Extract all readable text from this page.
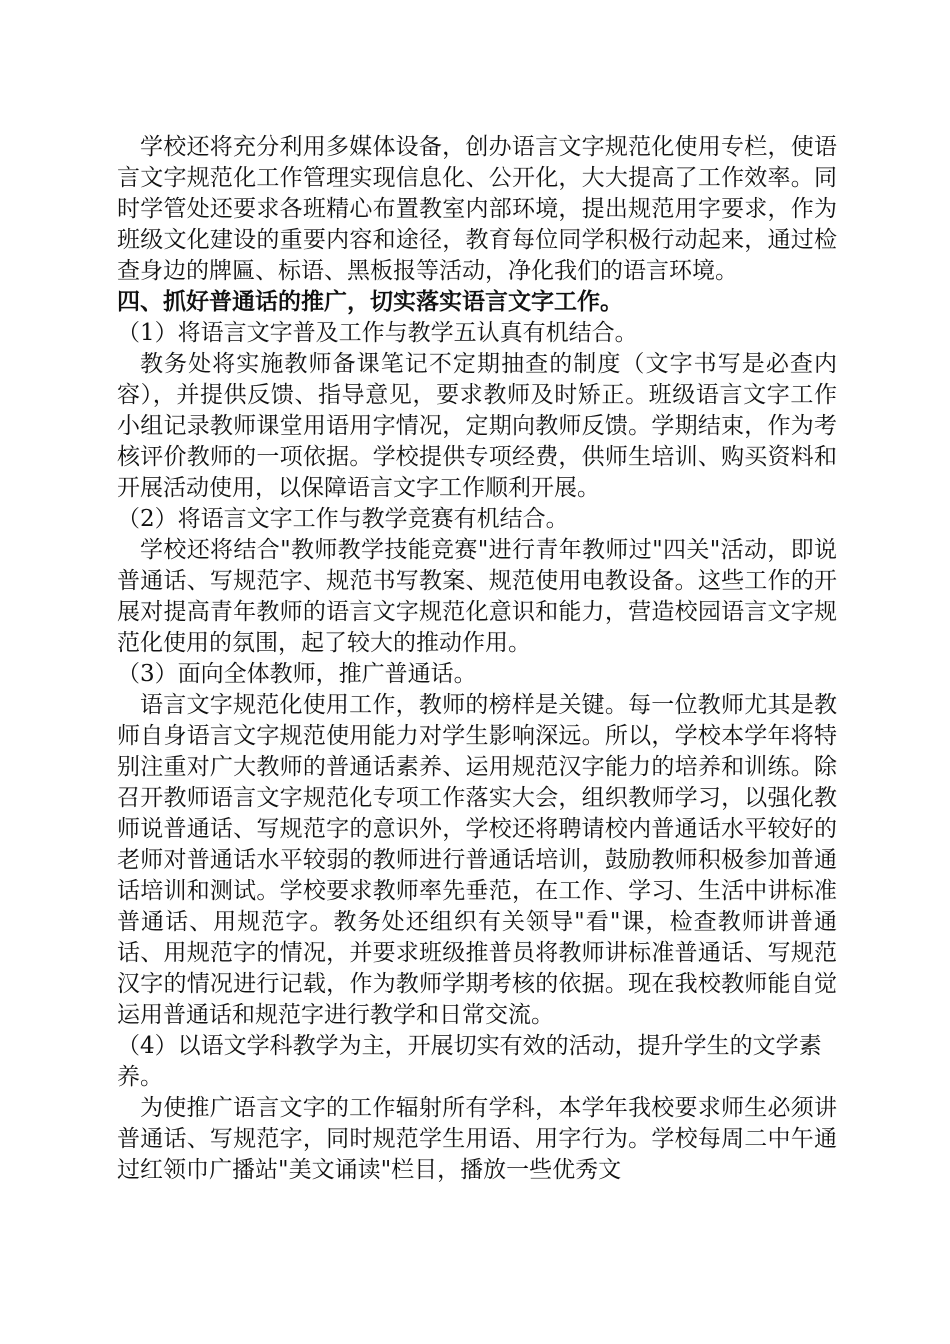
学校还将充分利用多媒体设备，创办语言文字规范化使用专栏，使语言文字规范化工作管理实现信息化、公开化，大大提高了工作效率。同时学管处还要求各班精心布置教室内部环境，提出规范用字要求，作为班级文化建设的重要内容和途径，教育每位同学积极行动起来，通过检查身边的牌匾、标语、黑板报等活动，净化我们的语言环境。

四、抓好普通话的推广，切实落实语言文字工作。

（1）将语言文字普及工作与教学五认真有机结合。

教务处将实施教师备课笔记不定期抽查的制度（文字书写是必查内容），并提供反馈、指导意见，要求教师及时矫正。班级语言文字工作小组记录教师课堂用语用字情况，定期向教师反馈。学期结束，作为考核评价教师的一项依据。学校提供专项经费，供师生培训、购买资料和开展活动使用，以保障语言文字工作顺利开展。

（2）将语言文字工作与教学竞赛有机结合。

学校还将结合"教师教学技能竞赛"进行青年教师过"四关"活动，即说普通话、写规范字、规范书写教案、规范使用电教设备。这些工作的开展对提高青年教师的语言文字规范化意识和能力，营造校园语言文字规范化使用的氛围，起了较大的推动作用。

（3）面向全体教师，推广普通话。

语言文字规范化使用工作，教师的榜样是关键。每一位教师尤其是教师自身语言文字规范使用能力对学生影响深远。所以，学校本学年将特别注重对广大教师的普通话素养、运用规范汉字能力的培养和训练。除召开教师语言文字规范化专项工作落实大会，组织教师学习，以强化教师说普通话、写规范字的意识外，学校还将聘请校内普通话水平较好的老师对普通话水平较弱的教师进行普通话培训，鼓励教师积极参加普通话培训和测试。学校要求教师率先垂范，在工作、学习、生活中讲标准普通话、用规范字。教务处还组织有关领导"看"课，检查教师讲普通话、用规范字的情况，并要求班级推普员将教师讲标准普通话、写规范汉字的情况进行记载，作为教师学期考核的依据。现在我校教师能自觉运用普通话和规范字进行教学和日常交流。

（4）以语文学科教学为主，开展切实有效的活动，提升学生的文学素养。

为使推广语言文字的工作辐射所有学科，本学年我校要求师生必须讲普通话、写规范字，同时规范学生用语、用字行为。学校每周二中午通过红领巾广播站"美文诵读"栏目，播放一些优秀文
